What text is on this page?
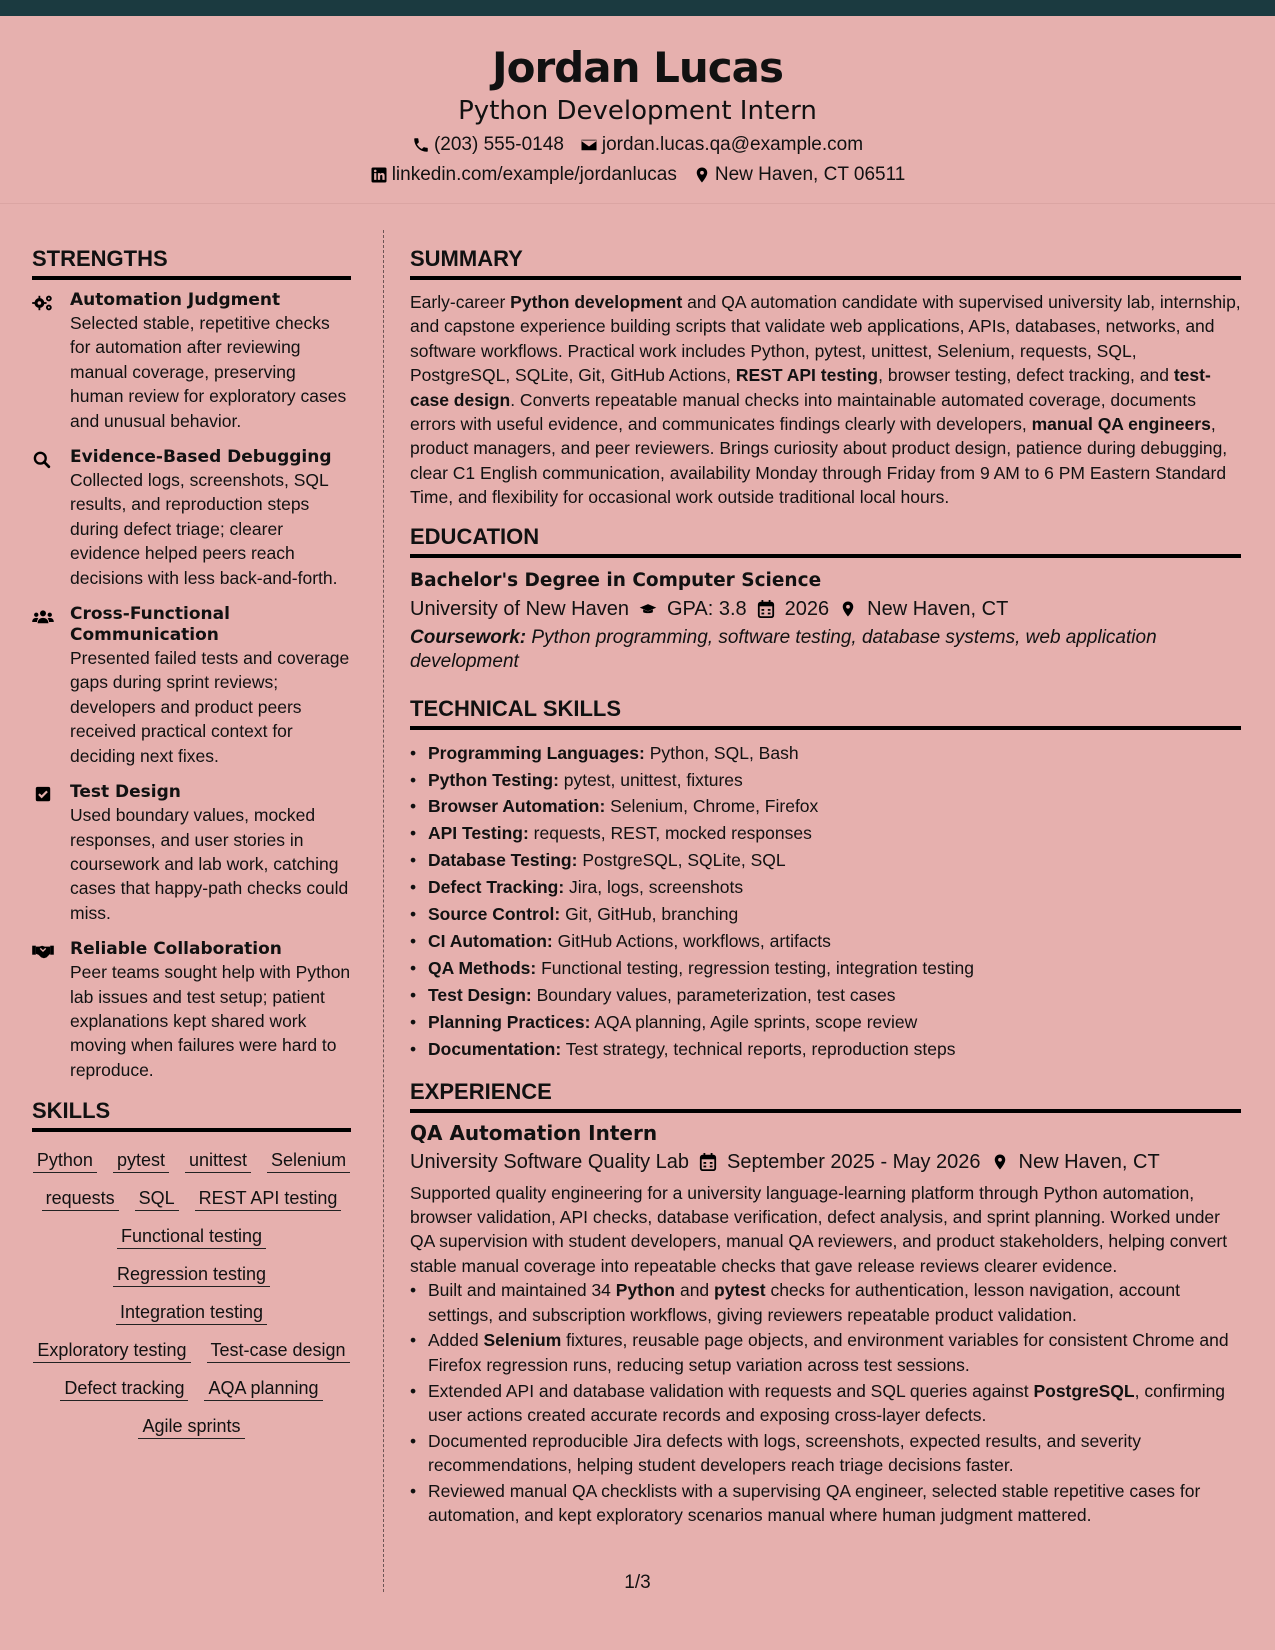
Jordan Lucas
Python Development Intern
(203) 555-0148 jordan.lucas.qa@example.com
linkedin.com/example/jordanlucas New Haven, CT 06511
STRENGTHS
Automation Judgment
Selected stable, repetitive checks for automation after reviewing manual coverage, preserving human review for exploratory cases and unusual behavior.
Evidence-Based Debugging
Collected logs, screenshots, SQL results, and reproduction steps during defect triage; clearer evidence helped peers reach decisions with less back-and-forth.
Cross-Functional Communication
Presented failed tests and coverage gaps during sprint reviews; developers and product peers received practical context for deciding next fixes.
Test Design
Used boundary values, mocked responses, and user stories in coursework and lab work, catching cases that happy-path checks could miss.
Reliable Collaboration
Peer teams sought help with Python lab issues and test setup; patient explanations kept shared work moving when failures were hard to reproduce.
SKILLS
Python pytest unittest Selenium
requests SQL REST API testing
Functional testing
Regression testing
Integration testing
Exploratory testing Test-case design
Defect tracking AQA planning
Agile sprints
SUMMARY
Early-career Python development and QA automation candidate with supervised university lab, internship, and capstone experience building scripts that validate web applications, APIs, databases, networks, and software workflows. Practical work includes Python, pytest, unittest, Selenium, requests, SQL, PostgreSQL, SQLite, Git, GitHub Actions, REST API testing, browser testing, defect tracking, and test-case design. Converts repeatable manual checks into maintainable automated coverage, documents errors with useful evidence, and communicates findings clearly with developers, manual QA engineers, product managers, and peer reviewers. Brings curiosity about product design, patience during debugging, clear C1 English communication, availability Monday through Friday from 9 AM to 6 PM Eastern Standard Time, and flexibility for occasional work outside traditional local hours.
EDUCATION
Bachelor's Degree in Computer Science
University of New Haven GPA: 3.8 2026 New Haven, CT
Coursework: Python programming, software testing, database systems, web application development
TECHNICAL SKILLS
• Programming Languages: Python, SQL, Bash
• Python Testing: pytest, unittest, fixtures
• Browser Automation: Selenium, Chrome, Firefox
• API Testing: requests, REST, mocked responses
• Database Testing: PostgreSQL, SQLite, SQL
• Defect Tracking: Jira, logs, screenshots
• Source Control: Git, GitHub, branching
• CI Automation: GitHub Actions, workflows, artifacts
• QA Methods: Functional testing, regression testing, integration testing
• Test Design: Boundary values, parameterization, test cases
• Planning Practices: AQA planning, Agile sprints, scope review
• Documentation: Test strategy, technical reports, reproduction steps
EXPERIENCE
QA Automation Intern
University Software Quality Lab September 2025 - May 2026 New Haven, CT
Supported quality engineering for a university language-learning platform through Python automation, browser validation, API checks, database verification, defect analysis, and sprint planning. Worked under QA supervision with student developers, manual QA reviewers, and product stakeholders, helping convert stable manual coverage into repeatable checks that gave release reviews clearer evidence.
• Built and maintained 34 Python and pytest checks for authentication, lesson navigation, account settings, and subscription workflows, giving reviewers repeatable product validation.
• Added Selenium fixtures, reusable page objects, and environment variables for consistent Chrome and Firefox regression runs, reducing setup variation across test sessions.
• Extended API and database validation with requests and SQL queries against PostgreSQL, confirming user actions created accurate records and exposing cross-layer defects.
• Documented reproducible Jira defects with logs, screenshots, expected results, and severity recommendations, helping student developers reach triage decisions faster.
• Reviewed manual QA checklists with a supervising QA engineer, selected stable repetitive cases for automation, and kept exploratory scenarios manual where human judgment mattered.
1/3
